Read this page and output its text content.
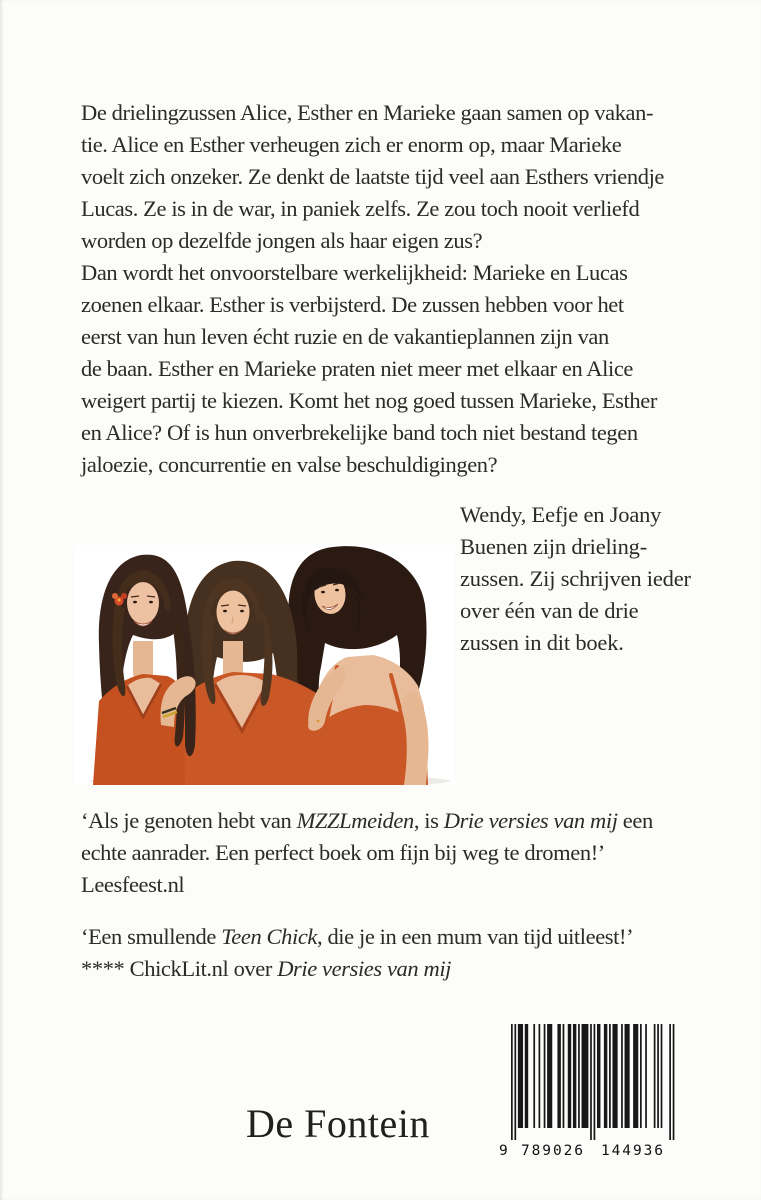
De drielingzussen Alice, Esther en Marieke gaan samen op vakan-
tie. Alice en Esther verheugen zich er enorm op, maar Marieke
voelt zich onzeker. Ze denkt de laatste tijd veel aan Esthers vriendje
Lucas. Ze is in de war, in paniek zelfs. Ze zou toch nooit verliefd
worden op dezelfde jongen als haar eigen zus?
Dan wordt het onvoorstelbare werkelijkheid: Marieke en Lucas
zoenen elkaar. Esther is verbijsterd. De zussen hebben voor het
eerst van hun leven écht ruzie en de vakantieplannen zijn van
de baan. Esther en Marieke praten niet meer met elkaar en Alice
weigert partij te kiezen. Komt het nog goed tussen Marieke, Esther
en Alice? Of is hun onverbrekelijke band toch niet bestand tegen
jaloezie, concurrentie en valse beschuldigingen?
Wendy, Eefje en Joany
Buenen zijn drieling-
zussen. Zij schrijven ieder
over één van de drie
zussen in dit boek.
‘Als je genoten hebt van MZZLmeiden, is Drie versies van mij een
echte aanrader. Een perfect boek om fijn bij weg te dromen!’
Leesfeest.nl
‘Een smullende Teen Chick, die je in een mum van tijd uitleest!’
**** ChickLit.nl over Drie versies van mij
De Fontein
9 789026 144936
